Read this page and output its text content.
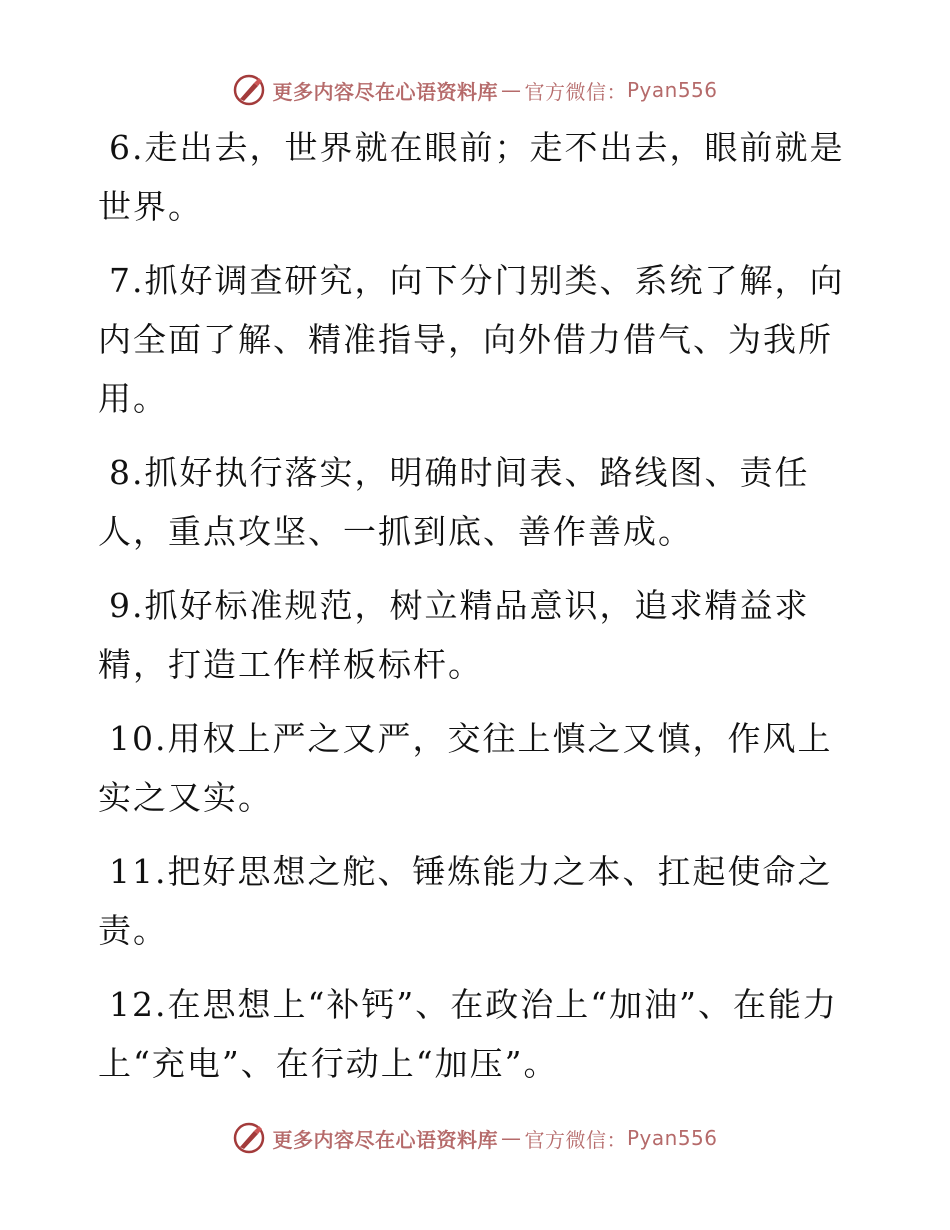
更多内容尽在心语资料库 — 官方微信： Pyan556

6.走出去，世界就在眼前；走不出去，眼前就是世界。

7.抓好调查研究，向下分门别类、系统了解，向内全面了解、精准指导，向外借力借气、为我所用。

8.抓好执行落实，明确时间表、路线图、责任人，重点攻坚、一抓到底、善作善成。

9.抓好标准规范，树立精品意识，追求精益求精，打造工作样板标杆。

10.用权上严之又严，交往上慎之又慎，作风上实之又实。

11.把好思想之舵、锤炼能力之本、扛起使命之责。

12.在思想上“补钙”、在政治上“加油”、在能力上“充电”、在行动上“加压”。

更多内容尽在心语资料库 — 官方微信： Pyan556
